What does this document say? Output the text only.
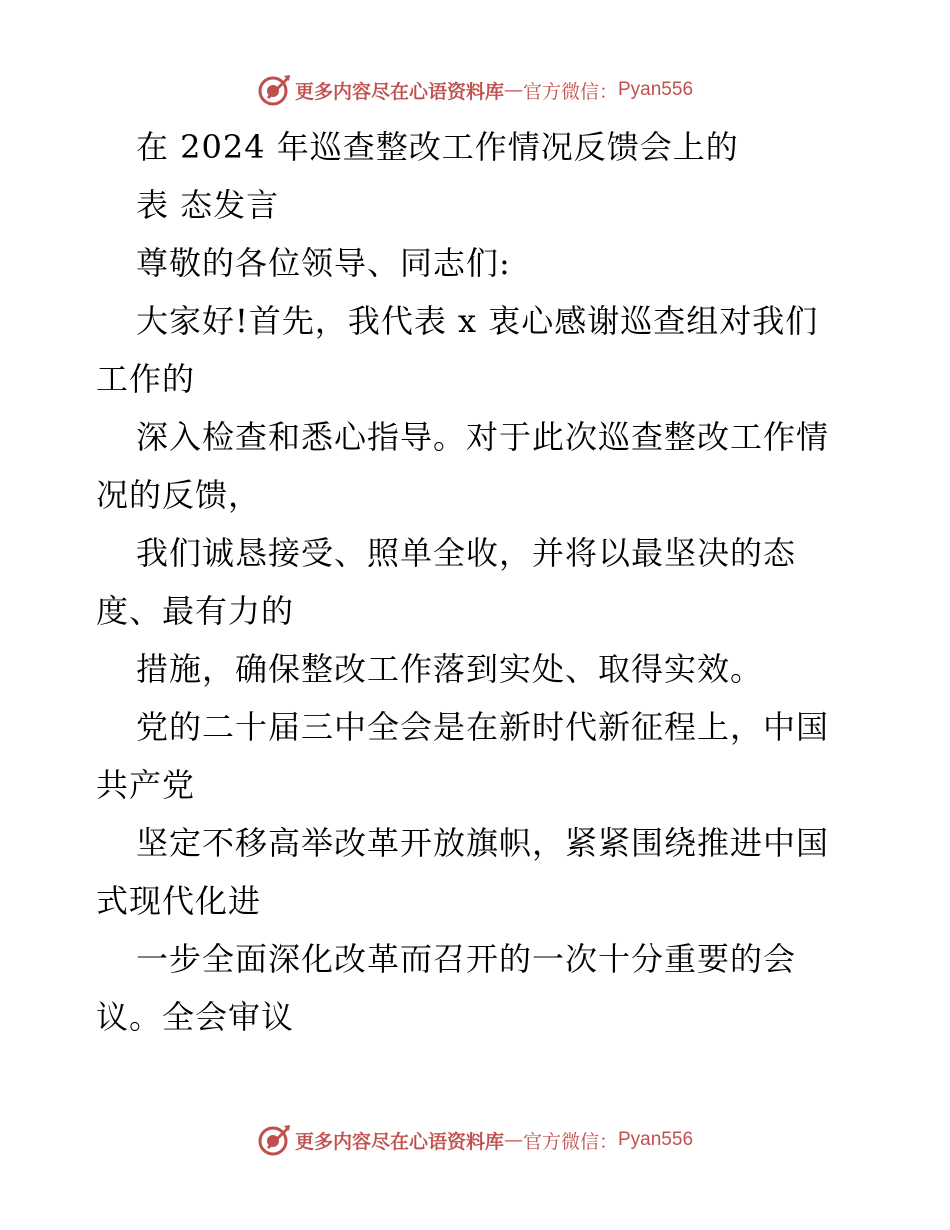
更多内容尽在心语资料库 — 官方微信： Pyan556
在 2024 年巡查整改工作情况反馈会上的
表 态发言
尊敬的各位领导、同志们:
大家好!首先，我代表 x 衷心感谢巡查组对我们
工作的
深入检查和悉心指导。对于此次巡查整改工作情
况的反馈，
我们诚恳接受、照单全收，并将以最坚决的态
度、最有力的
措施，确保整改工作落到实处、取得实效。
党的二十届三中全会是在新时代新征程上，中国
共产党
坚定不移高举改革开放旗帜，紧紧围绕推进中国
式现代化进
一步全面深化改革而召开的一次十分重要的会
议。全会审议
更多内容尽在心语资料库 — 官方微信： Pyan556
